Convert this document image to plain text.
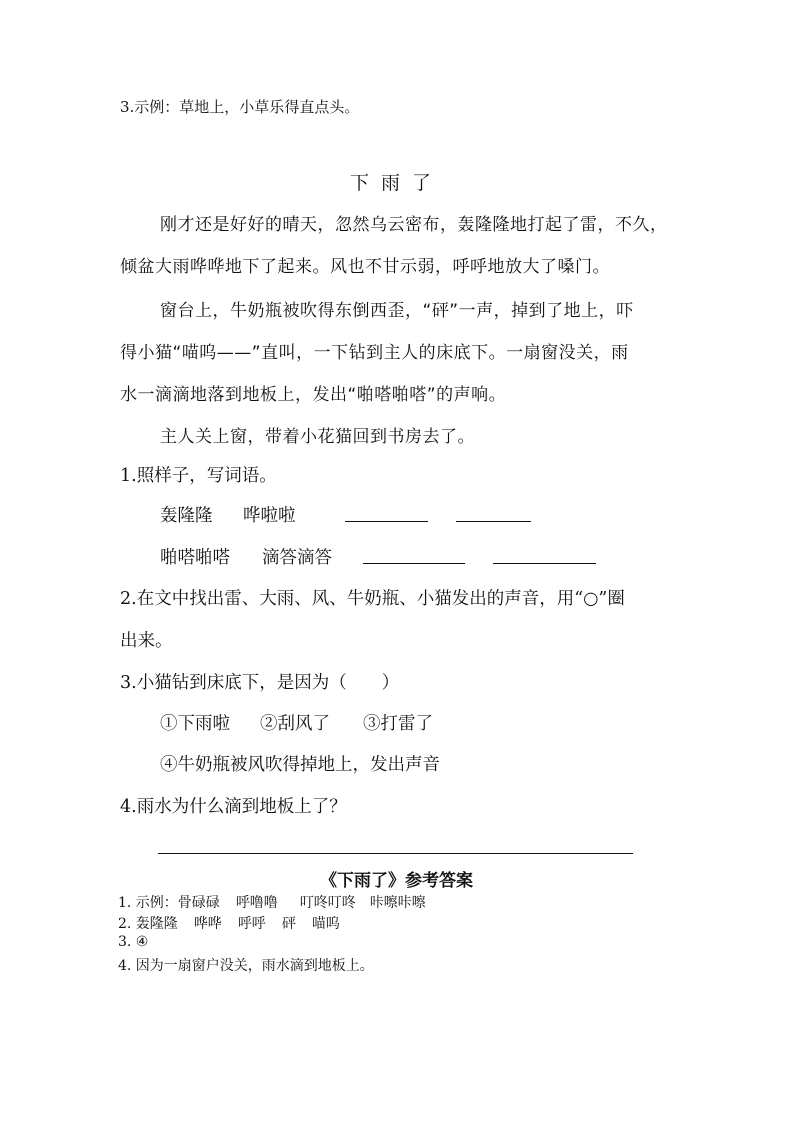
3.示例：草地上，小草乐得直点头。
下雨了
刚才还是好好的晴天，忽然乌云密布，轰隆隆地打起了雷，不久，
倾盆大雨哗哗地下了起来。风也不甘示弱，呼呼地放大了嗓门。
窗台上，牛奶瓶被吹得东倒西歪，“砰”一声，掉到了地上，吓
得小猫“喵呜——”直叫，一下钻到主人的床底下。一扇窗没关，雨
水一滴滴地落到地板上，发出“啪嗒啪嗒”的声响。
主人关上窗，带着小花猫回到书房去了。
1.照样子，写词语。
轰隆隆 哗啦啦
啪嗒啪嗒 滴答滴答
2.在文中找出雷、大雨、风、牛奶瓶、小猫发出的声音，用“○”圈
出来。
3.小猫钻到床底下，是因为（　　）
①下雨啦 ②刮风了 ③打雷了
④牛奶瓶被风吹得掉地上，发出声音
4.雨水为什么滴到地板上了？
《下雨了》参考答案
1. 示例：骨碌碌 呼噜噜 叮咚叮咚 咔嚓咔嚓
2. 轰隆隆 哗哗 呼呼 砰 喵呜
3. ④
4. 因为一扇窗户没关，雨水滴到地板上。
